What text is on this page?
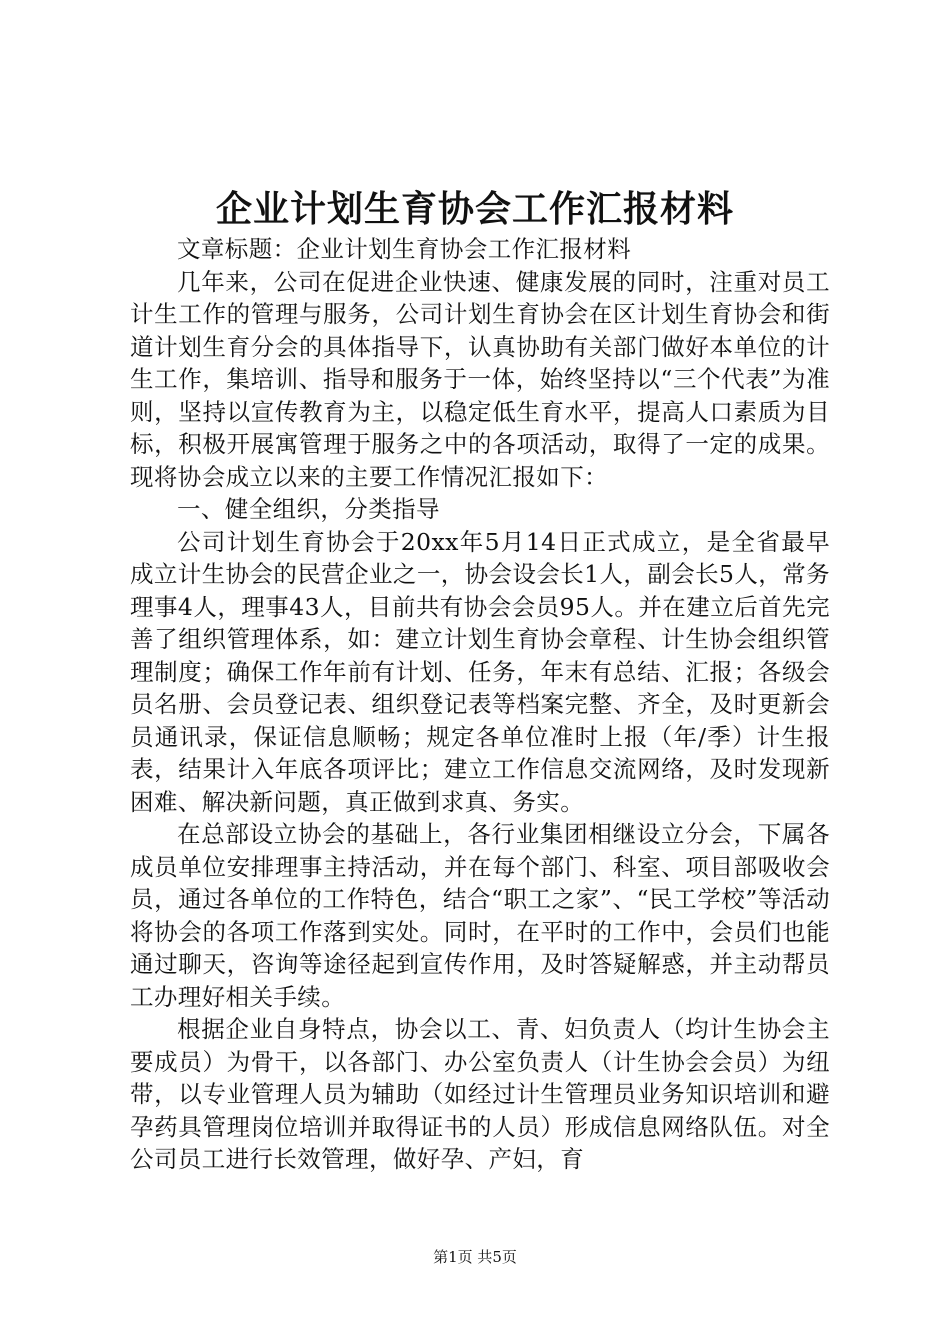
企业计划生育协会工作汇报材料

文章标题：企业计划生育协会工作汇报材料

几年来，公司在促进企业快速、健康发展的同时，注重对员工计生工作的管理与服务，公司计划生育协会在区计划生育协会和街道计划生育分会的具体指导下，认真协助有关部门做好本单位的计生工作，集培训、指导和服务于一体，始终坚持以“三个代表”为准则，坚持以宣传教育为主，以稳定低生育水平，提高人口素质为目标，积极开展寓管理于服务之中的各项活动，取得了一定的成果。现将协会成立以来的主要工作情况汇报如下：

一、健全组织，分类指导

公司计划生育协会于20xx年5月14日正式成立，是全省最早成立计生协会的民营企业之一，协会设会长1人，副会长5人，常务理事4人，理事43人，目前共有协会会员95人。并在建立后首先完善了组织管理体系，如：建立计划生育协会章程、计生协会组织管理制度；确保工作年前有计划、任务，年末有总结、汇报；各级会员名册、会员登记表、组织登记表等档案完整、齐全，及时更新会员通讯录，保证信息顺畅；规定各单位准时上报（年/季）计生报表，结果计入年底各项评比；建立工作信息交流网络，及时发现新困难、解决新问题，真正做到求真、务实。

在总部设立协会的基础上，各行业集团相继设立分会，下属各成员单位安排理事主持活动，并在每个部门、科室、项目部吸收会员，通过各单位的工作特色，结合“职工之家”、“民工学校”等活动将协会的各项工作落到实处。同时，在平时的工作中，会员们也能通过聊天，咨询等途径起到宣传作用，及时答疑解惑，并主动帮员工办理好相关手续。

根据企业自身特点，协会以工、青、妇负责人（均计生协会主要成员）为骨干，以各部门、办公室负责人（计生协会会员）为纽带，以专业管理人员为辅助（如经过计生管理员业务知识培训和避孕药具管理岗位培训并取得证书的人员）形成信息网络队伍。对全公司员工进行长效管理，做好孕、产妇，育

第1页 共5页
